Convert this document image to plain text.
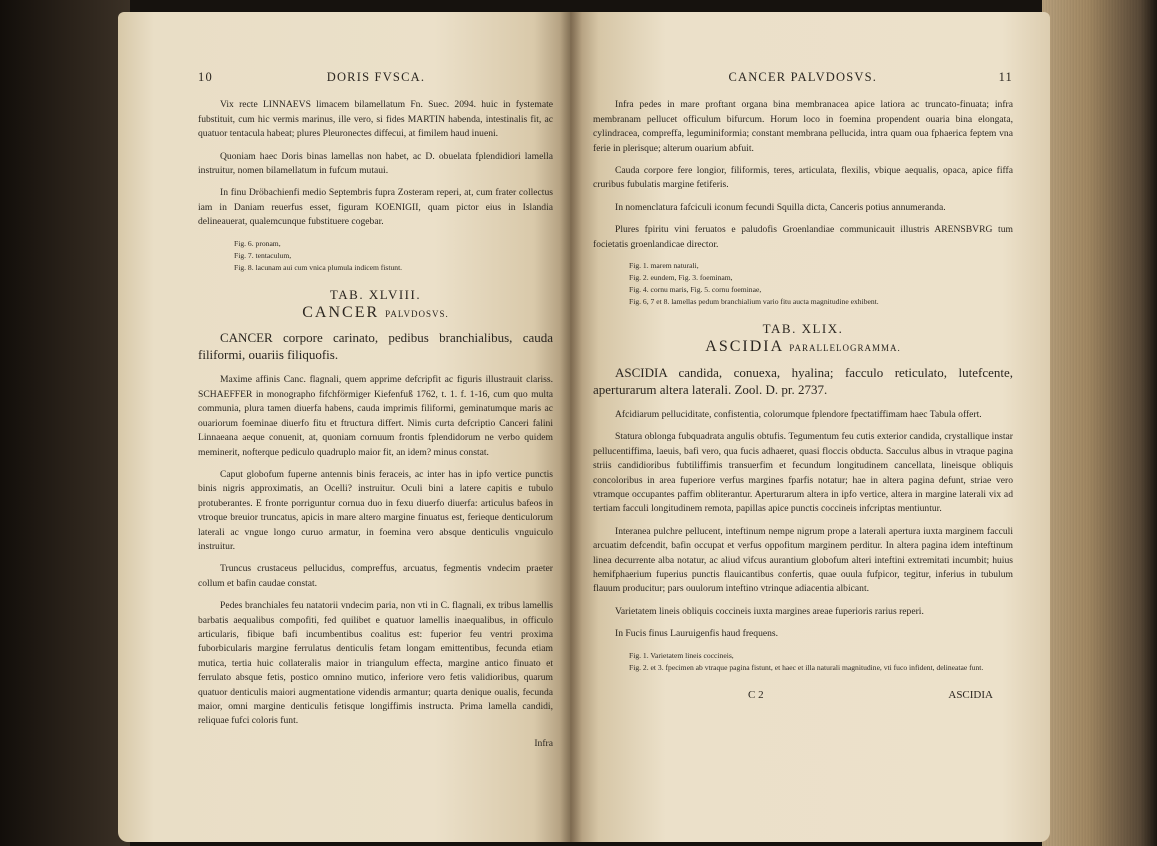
10	DORIS FVSCA.

Vix recte LINNAEVS limacem bilamellatum Fn. Suec. 2094. huic in fystemate fubstituit, cum hic vermis marinus, ille vero, si fides MARTIN habenda, intestinalis fit, ac quatuor tentacula habeat; plures Pleuronectes diffecui, at fimilem haud inueni.

Quoniam haec Doris binas lamellas non habet, ac D. obuelata fplendidiori lamella instruitur, nomen bilamellatum in fufcum mutaui.

In finu Dröbachienfi medio Septembris fupra Zosteram reperi, at, cum frater collectus iam in Daniam reuerfus esset, figuram KOENIGII, quam pictor eius in Islandia delineauerat, qualemcunque fubstituere cogebar.

Fig. 6. pronam,
Fig. 7. tentaculum,
Fig. 8. lacunam aui cum vnica plumula indicem fistunt.
TAB. XLVIII.
CANCER PALVDOSVS.
CANCER corpore carinato, pedibus branchialibus, cauda filiformi, ouariis filiquofis.

Maxime affinis Canc. flagnali, quem apprime defcripfit ac figuris illustrauit clariss. SCHAEFFER in monographo fifchförmiger Kiefenfuß 1762, t. 1. f. 1-16, cum quo multa communia, plura tamen diuerfa habens, cauda imprimis filiformi, geminatumque maris ac ouariorum foeminae diuerfo fitu et ftructura differt. Nimis curta defcriptio Canceri falini Linnaeana aeque conuenit, at, quoniam cornuum frontis fplendidorum ne verbo quidem meminerit, nofterque pediculo quadruplo maior fit, an idem? minus constat.

Caput globofum fuperne antennis binis feraceis, ac inter has in ipfo vertice punctis binis nigris approximatis, an Ocelli? instruitur. Oculi bini a latere capitis e tubulo protuberantes. E fronte porriguntur cornua duo in fexu diuerfo diuerfa: articulus bafeos in vtroque breuior truncatus, apicis in mare altero margine finuatus est, ferieque denticulorum laterali ac vngue longo curuo armatur, in foemina vero absque denticulis vnguiculo instruitur.

Truncus crustaceus pellucidus, compreffus, arcuatus, fegmentis vndecim praeter collum et bafin caudae constat.

Pedes branchiales feu natatorii vndecim paria, non vti in C. flagnali, ex tribus lamellis barbatis aequalibus compofiti, fed quilibet e quatuor lamellis inaequalibus, in officulo articularis, fibique bafi incumbentibus coalitus est: fuperior feu ventri proxima fuborbicularis margine ferrulatus denticulis fetam longam emittentibus, fecunda etiam mutica, tertia huic collateralis maior in triangulum effecta, margine antico finuato et ferrulato absque fetis, postico omnino mutico, inferiore vero fetis validioribus, quarum quatuor denticulis maiori augmentatione videndis armantur; quarta denique oualis, fecunda maior, omni margine denticulis fetisque longiffimis instructa. Prima lamella candidi, reliquae fufci coloris funt.

Infra
CANCER PALVDOSVS.	11

Infra pedes in mare proftant organa bina membranacea apice latiora ac truncato-finuata; infra membranam pellucet officulum bifurcum. Horum loco in foemina propendent ouaria bina elongata, cylindracea, compreffa, leguminiformia; constant membrana pellucida, intra quam oua fphaerica feptem vna ferie in plerisque; alterum ouarium abfuit.

Cauda corpore fere longior, filiformis, teres, articulata, flexilis, vbique aequalis, opaca, apice fiffa cruribus fubulatis margine fetiferis.

In nomenclatura fafciculi iconum fecundi Squilla dicta, Canceris potius annumeranda.

Plures fpiritu vini feruatos e paludofis Groenlandiae communicauit illustris ARENSBVRG tum focietatis groenlandicae director.

Fig. 1. marem naturali,
Fig. 2. eundem, Fig. 3. foeminam,
Fig. 4. cornu maris, Fig. 5. cornu foeminae,
Fig. 6, 7 et 8. lamellas pedum branchialium vario fitu aucta magnitudine exhibent.
TAB. XLIX.
ASCIDIA PARALLELOGRAMMA.
ASCIDIA candida, conuexa, hyalina; facculo reticulato, lutefcente, aperturarum altera laterali. Zool. D. pr. 2737.

Afcidiarum pelluciditate, confistentia, colorumque fplendore fpectatiffimam haec Tabula offert.

Statura oblonga fubquadrata angulis obtufis. Tegumentum feu cutis exterior candida, crystallique instar pellucentiffima, laeuis, bafi vero, qua fucis adhaeret, quasi floccis obducta. Sacculus albus in vtraque pagina striis candidioribus fubtiliffimis transuerfim et fecundum longitudinem cancellata, lineisque obliquis concoloribus in area fuperiore verfus margines fparfis notatur; hae in altera pagina defunt, striae vero vtramque occupantes paffim obliterantur. Aperturarum altera in ipfo vertice, altera in margine laterali vix ad tertiam facculi longitudinem remota, papillas apice punctis coccineis infcriptas mentiuntur.

Interanea pulchre pellucent, inteftinum nempe nigrum prope a laterali apertura iuxta marginem facculi arcuatim defcendit, bafin occupat et verfus oppofitum marginem perditur. In altera pagina idem inteftinum linea decurrente alba notatur, ac aliud vifcus aurantium globofum alteri inteftini extremitati incumbit; huius hemifphaerium fuperius punctis flauicantibus confertis, quae ouula fufpicor, tegitur, inferius in tubulum flauum producitur; pars ouulorum inteftino vtrinque adiacentia albicant.

Varietatem lineis obliquis coccineis iuxta margines areae fuperioris rarius reperi.

In Fucis finus Lauruigenfis haud frequens.

Fig. 1. Varietatem lineis coccineis,
Fig. 2. et 3. fpecimen ab vtraque pagina fistunt, et haec et illa naturali magnitudine, vti fuco infident, delineatae funt.
C 2	ASCIDIA
